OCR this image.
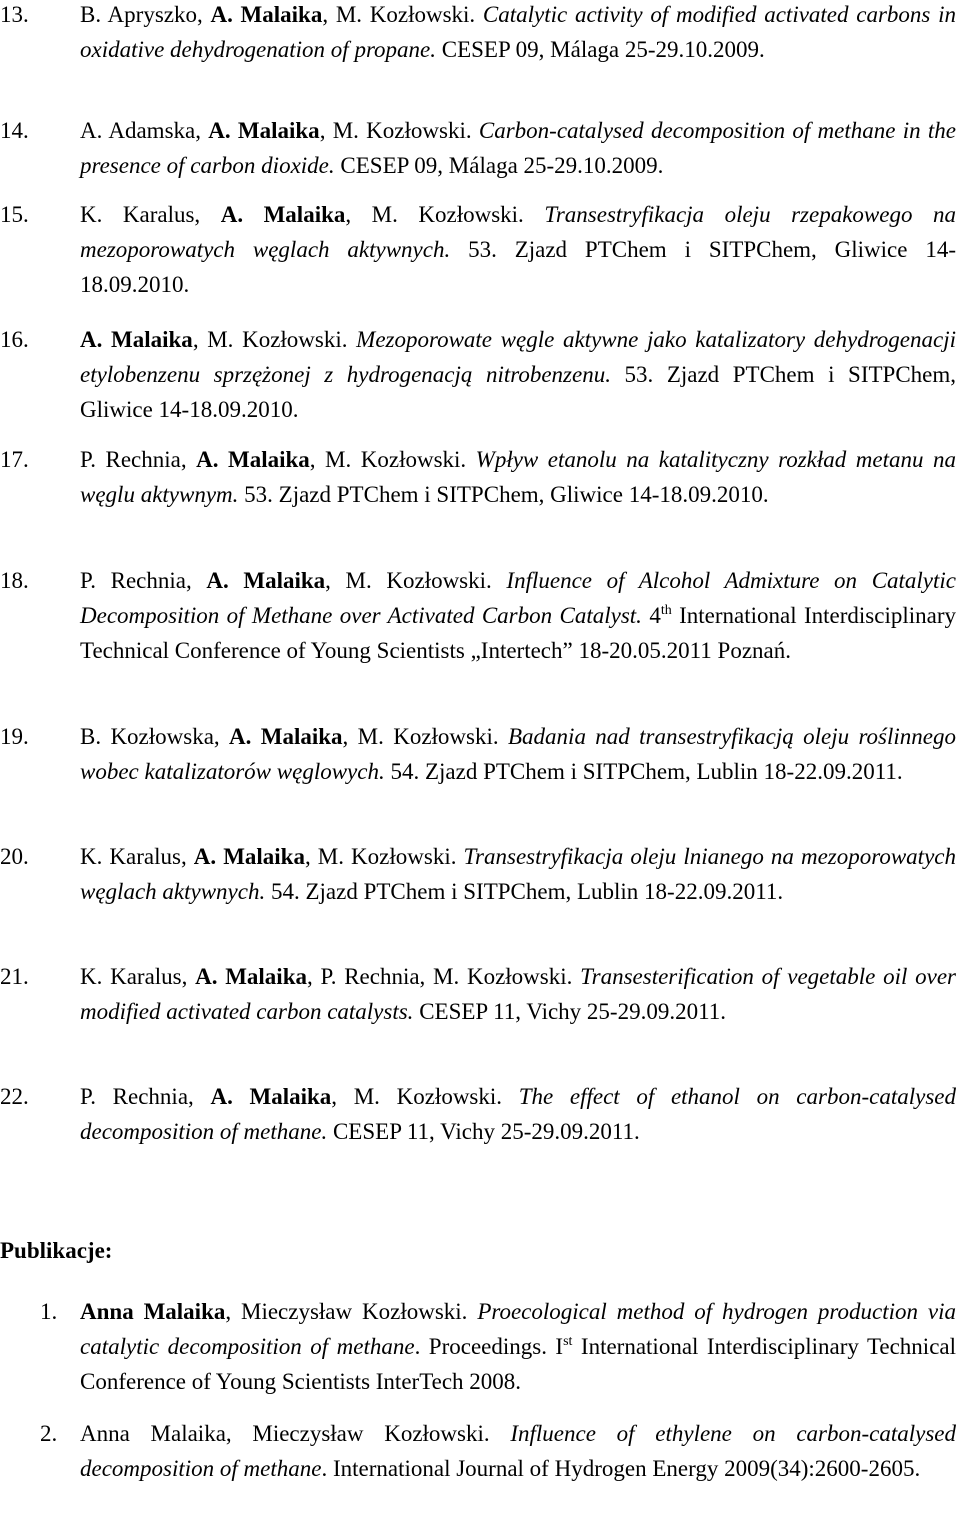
13. B. Apryszko, A. Malaika, M. Kozłowski. Catalytic activity of modified activated carbons in oxidative dehydrogenation of propane. CESEP 09, Málaga 25-29.10.2009.
14. A. Adamska, A. Malaika, M. Kozłowski. Carbon-catalysed decomposition of methane in the presence of carbon dioxide. CESEP 09, Málaga 25-29.10.2009.
15. K. Karalus, A. Malaika, M. Kozłowski. Transestryfikacja oleju rzepakowego na mezoporowatych węglach aktywnych. 53. Zjazd PTChem i SITPChem, Gliwice 14-18.09.2010.
16. A. Malaika, M. Kozłowski. Mezoporowate węgle aktywne jako katalizatory dehydrogenacji etylobenzenu sprzężonej z hydrogenacją nitrobenzenu. 53. Zjazd PTChem i SITPChem, Gliwice 14-18.09.2010.
17. P. Rechnia, A. Malaika, M. Kozłowski. Wpływ etanolu na katalityczny rozkład metanu na węglu aktywnym. 53. Zjazd PTChem i SITPChem, Gliwice 14-18.09.2010.
18. P. Rechnia, A. Malaika, M. Kozłowski. Influence of Alcohol Admixture on Catalytic Decomposition of Methane over Activated Carbon Catalyst. 4th International Interdisciplinary Technical Conference of Young Scientists „Intertech” 18-20.05.2011 Poznań.
19. B. Kozłowska, A. Malaika, M. Kozłowski. Badania nad transestryfikacją oleju roślinnego wobec katalizatorów węglowych. 54. Zjazd PTChem i SITPChem, Lublin 18-22.09.2011.
20. K. Karalus, A. Malaika, M. Kozłowski. Transestryfikacja oleju lnianego na mezoporowatych węglach aktywnych. 54. Zjazd PTChem i SITPChem, Lublin 18-22.09.2011.
21. K. Karalus, A. Malaika, P. Rechnia, M. Kozłowski. Transesterification of vegetable oil over modified activated carbon catalysts. CESEP 11, Vichy 25-29.09.2011.
22. P. Rechnia, A. Malaika, M. Kozłowski. The effect of ethanol on carbon-catalysed decomposition of methane. CESEP 11, Vichy 25-29.09.2011.
Publikacje:
1. Anna Malaika, Mieczysław Kozłowski. Proecological method of hydrogen production via catalytic decomposition of methane. Proceedings. Ist International Interdisciplinary Technical Conference of Young Scientists InterTech 2008.
2. Anna Malaika, Mieczysław Kozłowski. Influence of ethylene on carbon-catalysed decomposition of methane. International Journal of Hydrogen Energy 2009(34):2600-2605.
